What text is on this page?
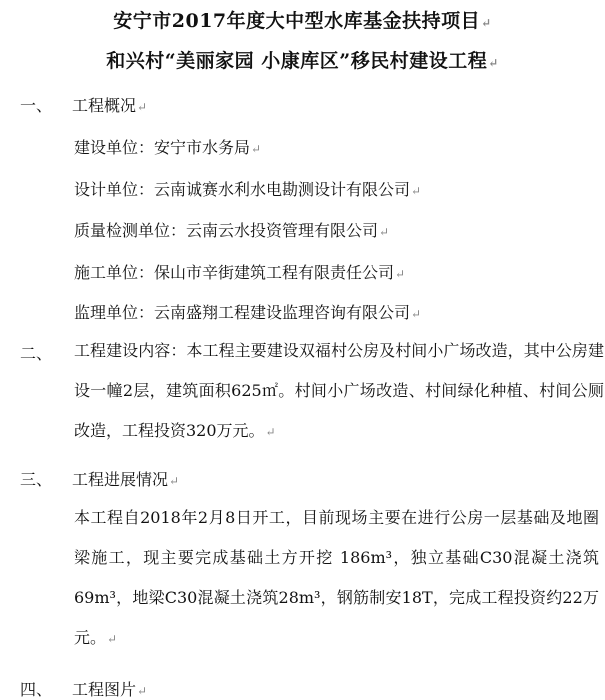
安宁市2017年度大中型水库基金扶持项目↵
和兴村“美丽家园 小康库区”移民村建设工程↵
一、 工程概况↵
建设单位：安宁市水务局↵
设计单位：云南诚赛水利水电勘测设计有限公司↵
质量检测单位：云南云水投资管理有限公司↵
施工单位：保山市辛街建筑工程有限责任公司↵
监理单位：云南盛翔工程建设监理咨询有限公司↵
二、 工程建设内容：本工程主要建设双福村公房及村间小广场改造，其中公房建设一幢2层，建筑面积625㎡。村间小广场改造、村间绿化种植、村间公厕改造，工程投资320万元。↵
三、 工程进展情况↵
本工程自2018年2月8日开工，目前现场主要在进行公房一层基础及地圈梁施工，现主要完成基础土方开挖 186m³，独立基础C30混凝土浇筑69m³，地梁C30混凝土浇筑28m³，钢筋制安18T，完成工程投资约22万元。↵
四、 工程图片↵
